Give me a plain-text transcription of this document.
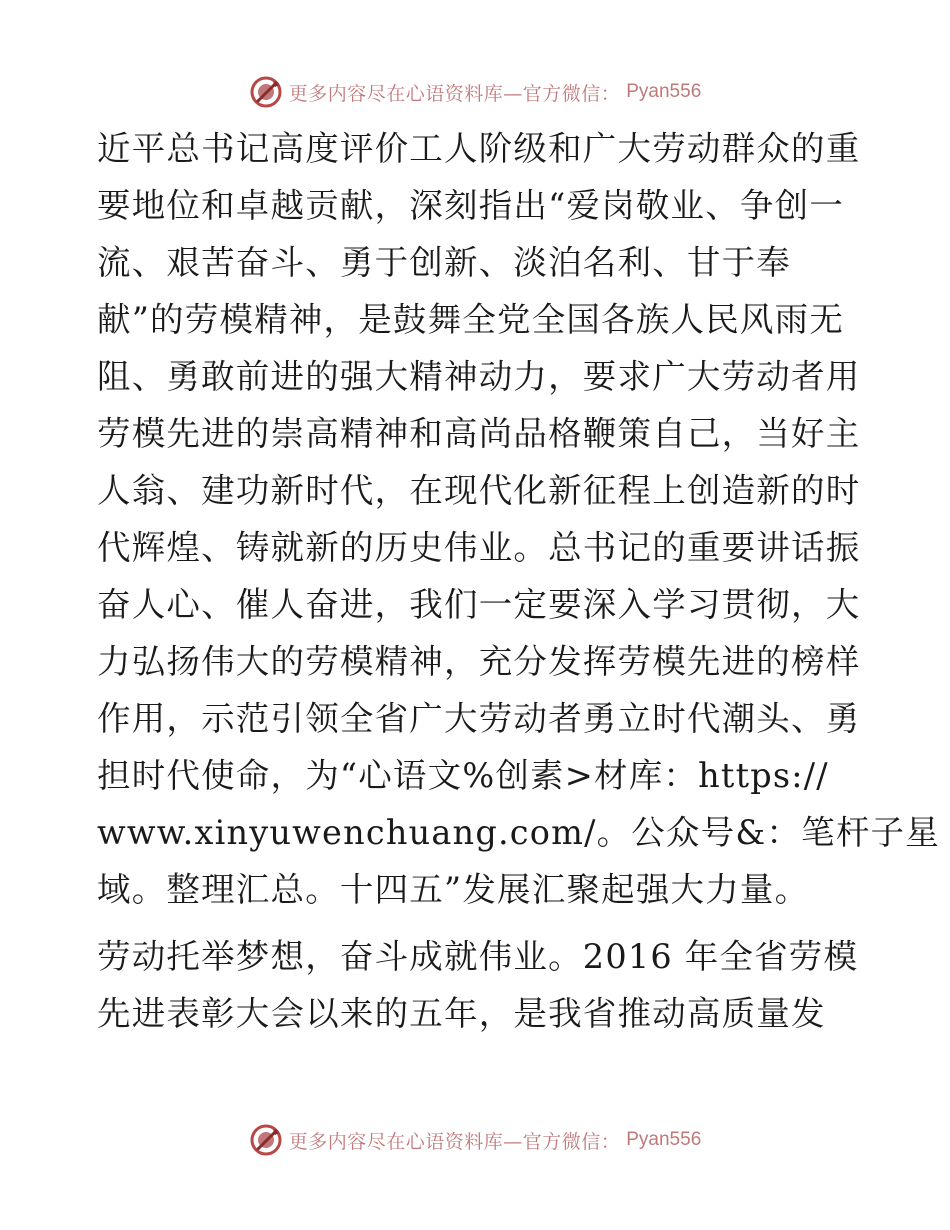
更多内容尽在心语资料库—官方微信： Pyan556
近平总书记高度评价工人阶级和广大劳动群众的重
要地位和卓越贡献，深刻指出“爱岗敬业、争创一
流、艰苦奋斗、勇于创新、淡泊名利、甘于奉
献”的劳模精神，是鼓舞全党全国各族人民风雨无
阻、勇敢前进的强大精神动力，要求广大劳动者用
劳模先进的崇高精神和高尚品格鞭策自己，当好主
人翁、建功新时代，在现代化新征程上创造新的时
代辉煌、铸就新的历史伟业。总书记的重要讲话振
奋人心、催人奋进，我们一定要深入学习贯彻，大
力弘扬伟大的劳模精神，充分发挥劳模先进的榜样
作用，示范引领全省广大劳动者勇立时代潮头、勇
担时代使命，为“心语文%创素>材库：https://
www.xinyuwenchuang.com/。公众号&：笔杆子星
域。整理汇总。十四五”发展汇聚起强大力量。
劳动托举梦想，奋斗成就伟业。2016 年全省劳模
先进表彰大会以来的五年，是我省推动高质量发
更多内容尽在心语资料库—官方微信： Pyan556
